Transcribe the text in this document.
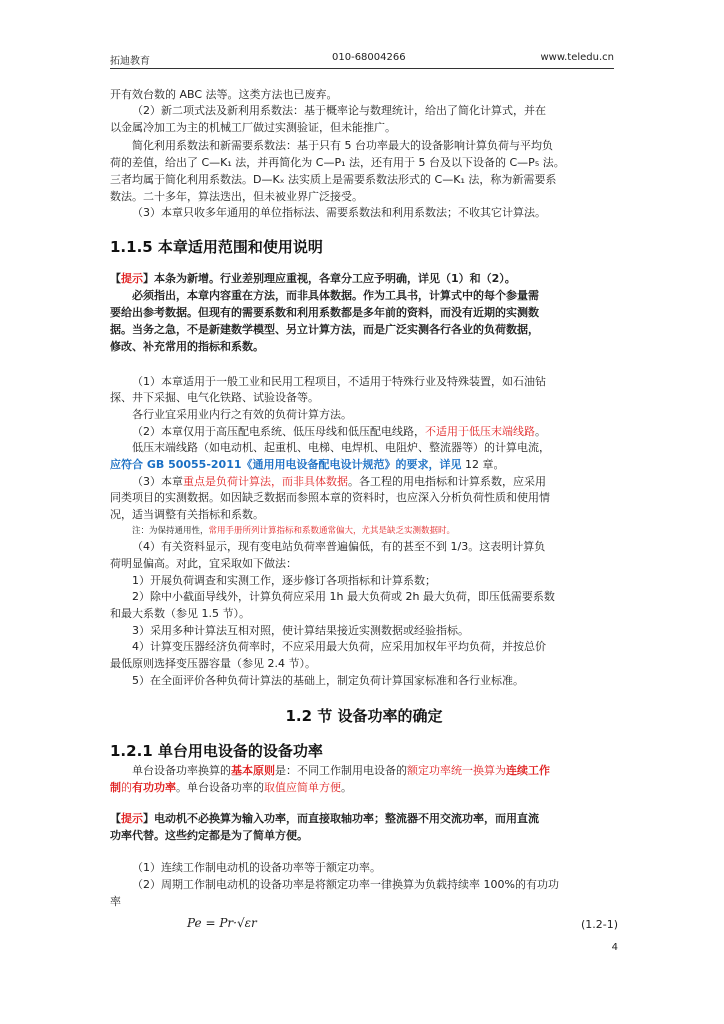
拓迪教育	010-68004266	www.teledu.cn
开有效台数的 ABC 法等。这类方法也已废弃。
（2）新二项式法及新利用系数法：基于概率论与数理统计，给出了简化计算式，并在
以金属冷加工为主的机械工厂做过实测验证，但未能推广。
简化利用系数法和新需要系数法：基于只有 5 台功率最大的设备影响计算负荷与平均负
荷的差值，给出了 C—K₁ 法，并再简化为 C—P₁ 法，还有用于 5 台及以下设备的 C—P₅ 法。
三者均属于简化利用系数法。D—Kₓ 法实质上是需要系数法形式的 C—K₁ 法，称为新需要系
数法。二十多年，算法迭出，但未被业界广泛接受。
（3）本章只收多年通用的单位指标法、需要系数法和利用系数法；不收其它计算法。
1.1.5 本章适用范围和使用说明
【提示】本条为新增。行业差别理应重视，各章分工应予明确，详见（1）和（2）。
必须指出，本章内容重在方法，而非具体数据。作为工具书，计算式中的每个参量需
要给出参考数据。但现有的需要系数和利用系数都是多年前的资料，而没有近期的实测数
据。当务之急，不是新建数学模型、另立计算方法，而是广泛实测各行各业的负荷数据，
修改、补充常用的指标和系数。
（1）本章适用于一般工业和民用工程项目，不适用于特殊行业及特殊装置，如石油钻
探、井下采掘、电气化铁路、试验设备等。
各行业宜采用业内行之有效的负荷计算方法。
（2）本章仅用于高压配电系统、低压母线和低压配电线路，不适用于低压末端线路。
低压末端线路（如电动机、起重机、电梯、电焊机、电阻炉、整流器等）的计算电流，
应符合 GB 50055-2011《通用用电设备配电设计规范》的要求，详见 12 章。
（3）本章重点是负荷计算法，而非具体数据。各工程的用电指标和计算系数，应采用
同类项目的实测数据。如因缺乏数据而参照本章的资料时，也应深入分析负荷性质和使用情
况，适当调整有关指标和系数。
注：为保持通用性，常用手册所列计算指标和系数通常偏大，尤其是缺乏实测数据时。
（4）有关资料显示，现有变电站负荷率普遍偏低，有的甚至不到 1/3。这表明计算负
荷明显偏高。对此，宜采取如下做法：
1）开展负荷调查和实测工作，逐步修订各项指标和计算系数；
2）除中小截面导线外，计算负荷应采用 1h 最大负荷或 2h 最大负荷，即压低需要系数
和最大系数（参见 1.5 节）。
3）采用多种计算法互相对照，使计算结果接近实测数据或经验指标。
4）计算变压器经济负荷率时，不应采用最大负荷，应采用加权年平均负荷，并按总价
最低原则选择变压器容量（参见 2.4 节）。
5）在全面评价各种负荷计算法的基础上，制定负荷计算国家标准和各行业标准。
1.2 节 设备功率的确定
1.2.1 单台用电设备的设备功率
单台设备功率换算的基本原则是：不同工作制用电设备的额定功率统一换算为连续工作
制的有功功率。单台设备功率的取值应简单方便。
【提示】电动机不必换算为输入功率，而直接取轴功率；整流器不用交流功率，而用直流
功率代替。这些约定都是为了简单方便。
（1）连续工作制电动机的设备功率等于额定功率。
（2）周期工作制电动机的设备功率是将额定功率一律换算为负载持续率 100%的有功功
率
Pe = Pr·√εr	(1.2-1)
4
